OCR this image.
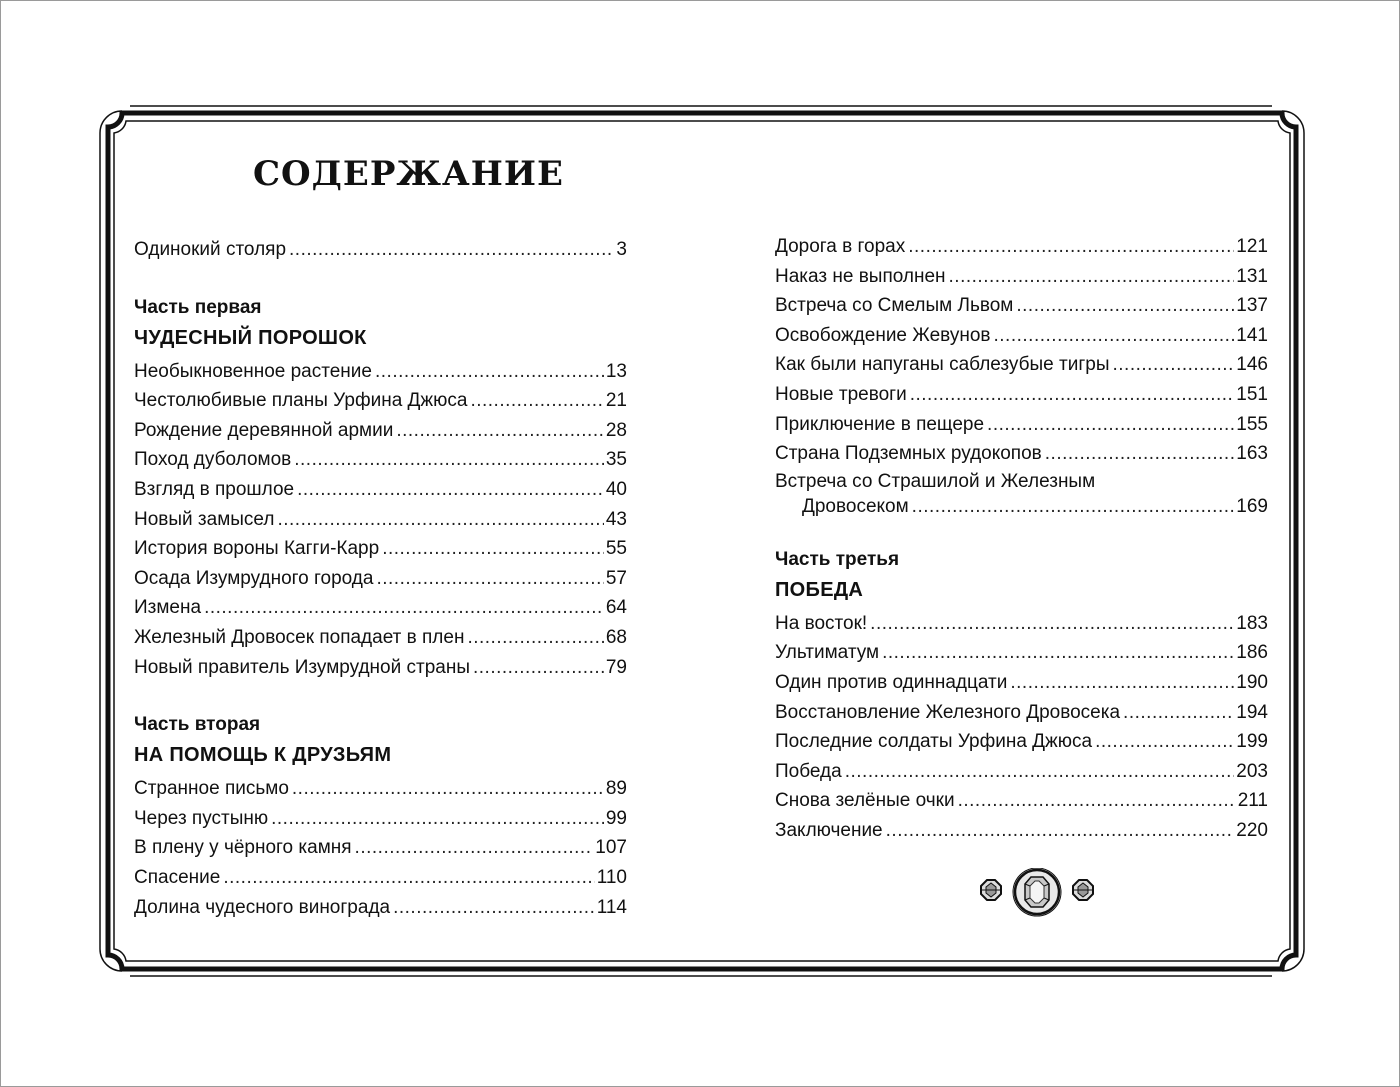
СОДЕРЖАНИЕ
Одинокий столяр .....	3
Часть первая
ЧУДЕСНЫЙ ПОРОШОК
Необыкновенное растение .....	13
Честолюбивые планы Урфина Джюса .....	21
Рождение деревянной армии .....	28
Поход дуболомов .....	35
Взгляд в прошлое .....	40
Новый замысел .....	43
История вороны Кагги-Карр .....	55
Осада Изумрудного города .....	57
Измена .....	64
Железный Дровосек попадает в плен .....	68
Новый правитель Изумрудной страны .....	79
Часть вторая
НА ПОМОЩЬ К ДРУЗЬЯМ
Странное письмо .....	89
Через пустыню .....	99
В плену у чёрного камня .....	107
Спасение .....	110
Долина чудесного винограда .....	114
Дорога в горах .....	121
Наказ не выполнен .....	131
Встреча со Смелым Львом .....	137
Освобождение Жевунов .....	141
Как были напуганы саблезубые тигры .....	146
Новые тревоги .....	151
Приключение в пещере .....	155
Страна Подземных рудокопов .....	163
Встреча со Страшилой и Железным
Дровосеком .....	169
Часть третья
ПОБЕДА
На восток! .....	183
Ультиматум .....	186
Один против одиннадцати .....	190
Восстановление Железного Дровосека .....	194
Последние солдаты Урфина Джюса .....	199
Победа .....	203
Снова зелёные очки .....	211
Заключение .....	220
